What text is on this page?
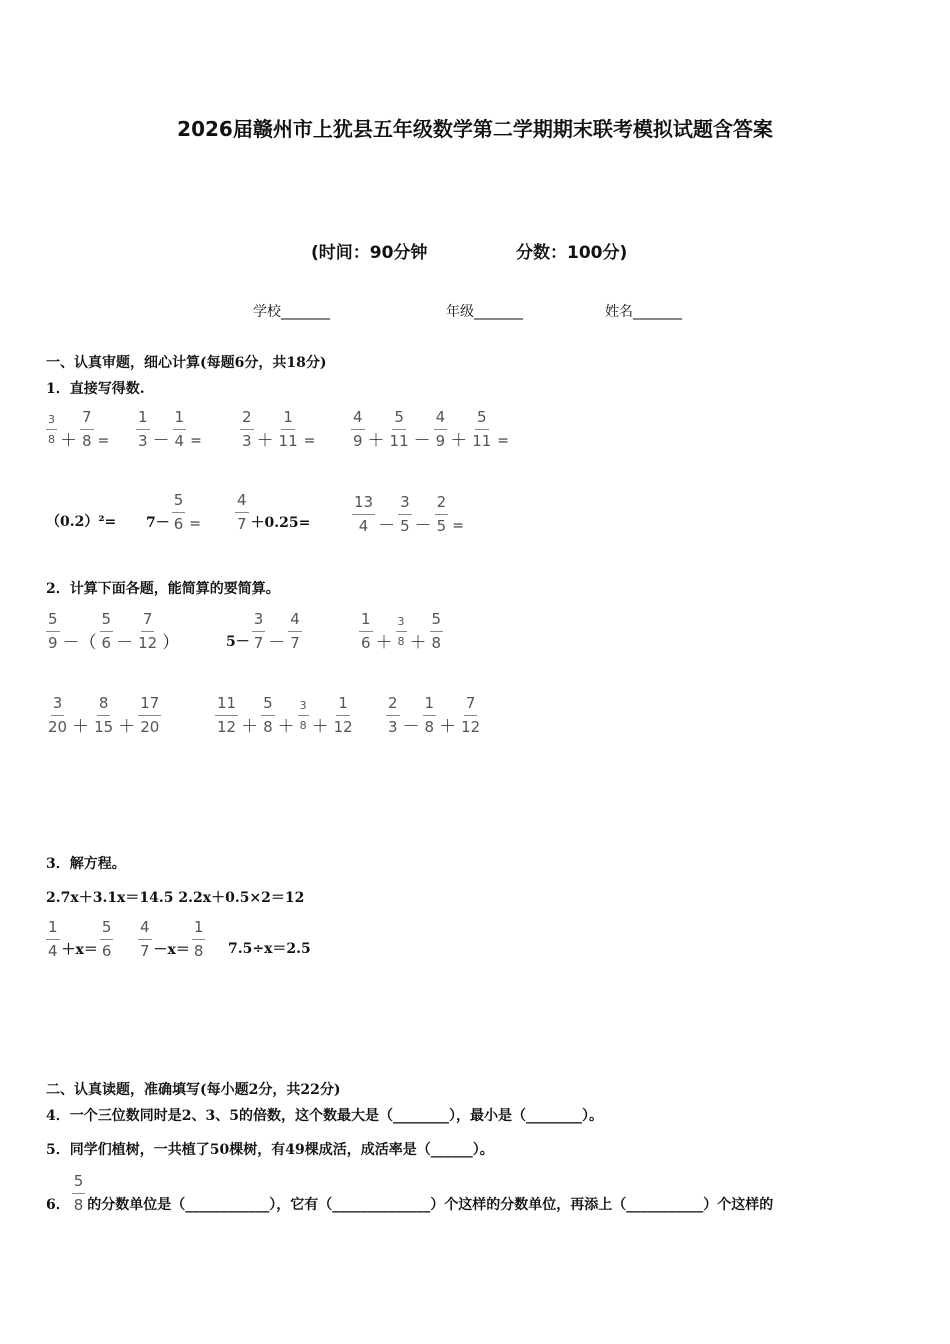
2026届赣州市上犹县五年级数学第二学期期末联考模拟试题含答案
(时间：90分钟	分数：100分)
学校_______	年级_______	姓名_______
一、认真审题，细心计算(每题6分，共18分)
1．直接写得数.
$\frac{3}{8} + \frac{7}{8} = \frac{1}{3} - \frac{1}{4}$ =	$\frac{2}{3} + \frac{1}{11} = \frac{4}{9} + \frac{5}{11} - \frac{4}{9} + \frac{5}{11}$ =
$(0.2)^2= 7- \frac{5}{6} = \frac{4}{7} +0.25=$	$\frac{13}{4} - \frac{3}{5} - \frac{2}{5}$ =
2．计算下面各题，能简算的要简算。
$\frac{5}{9}$ －（ $\frac{5}{6} - \frac{7}{12}$ ）	$5- \frac{3}{7} - \frac{4}{7}$	$\frac{1}{6} + \frac{3}{8} + \frac{5}{8}$
$\frac{3}{20} + \frac{8}{15} + \frac{17}{20}$	$\frac{11}{12} + \frac{5}{8} + \frac{3}{8} + \frac{1}{12} \frac{2}{3} - \frac{1}{8} + \frac{7}{12}$
3．解方程。
2.7x＋3.1x＝14.5 2.2x＋0.5×2＝12
$\frac{1}{4} +x= \frac{5}{6} \frac{4}{7} -x= \frac{1}{8} 7.5\div x=2.5$
二、认真读题，准确填写(每小题2分，共22分)
4．一个三位数同时是2、3、5的倍数，这个数最大是（________），最小是（________）。
5．同学们植树，一共植了50棵树，有49棵成活，成活率是（______）。
6． $\frac{5}{8}$ 的分数单位是（____________），它有（______________）个这样的分数单位，再添上（___________）个这样的
